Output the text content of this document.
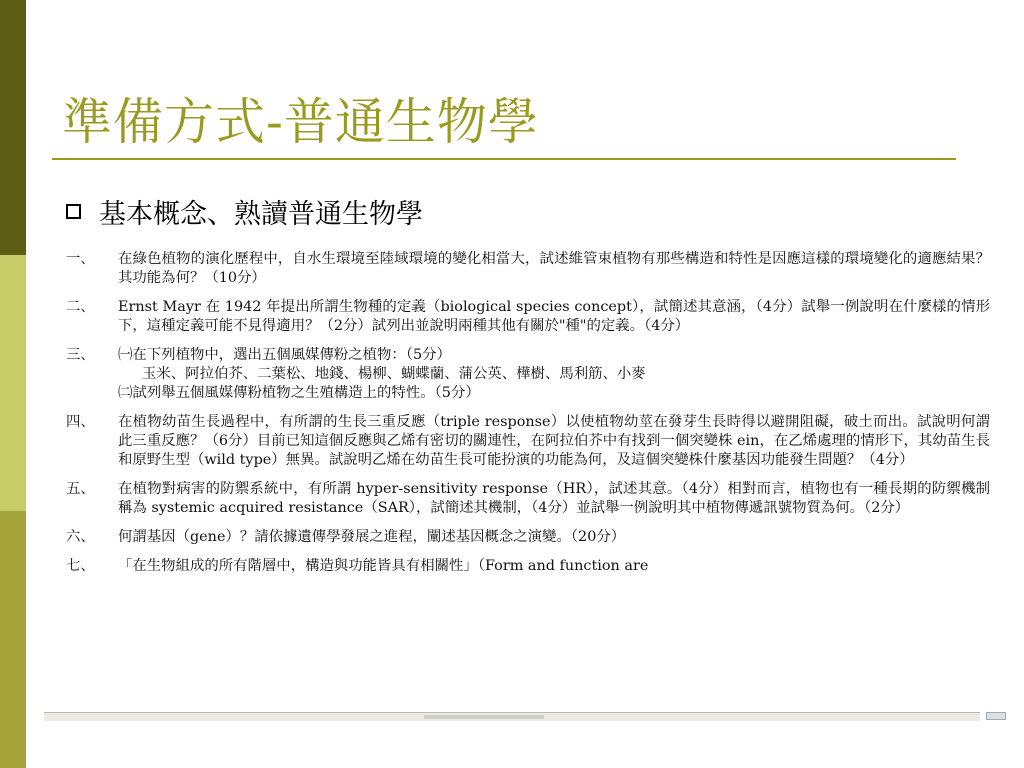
準備方式-普通生物學
基本概念、熟讀普通生物學
一、 在綠色植物的演化歷程中，自水生環境至陸域環境的變化相當大，試述維管束植物有那些構造和特性是因應這樣的環境變化的適應結果？其功能為何？（10分）
二、 Ernst Mayr 在 1942 年提出所謂生物種的定義（biological species concept），試簡述其意涵，（4分）試舉一例說明在什麼樣的情形下，這種定義可能不見得適用？（2分）試列出並說明兩種其他有關於"種"的定義。（4分）
三、 ㈠在下列植物中，選出五個風媒傳粉之植物：（5分）
玉米、阿拉伯芥、二葉松、地錢、楊柳、蝴蝶蘭、蒲公英、樺樹、馬利筋、小麥
㈡試列舉五個風媒傳粉植物之生殖構造上的特性。（5分）
四、 在植物幼苗生長過程中，有所謂的生長三重反應（triple response）以使植物幼莖在發芽生長時得以避開阻礙，破土而出。試說明何謂此三重反應？（6分）目前已知這個反應與乙烯有密切的關連性，在阿拉伯芥中有找到一個突變株 ein，在乙烯處理的情形下，其幼苗生長和原野生型（wild type）無異。試說明乙烯在幼苗生長可能扮演的功能為何，及這個突變株什麼基因功能發生問題？（4分）
五、 在植物對病害的防禦系統中，有所謂 hyper-sensitivity response（HR），試述其意。（4分）相對而言，植物也有一種長期的防禦機制稱為 systemic acquired resistance（SAR），試簡述其機制，（4分）並試舉一例說明其中植物傳遞訊號物質為何。（2分）
六、 何謂基因（gene）？請依據遺傳學發展之進程，闡述基因概念之演變。（20分）
七、 「在生物組成的所有階層中，構造與功能皆具有相關性」（Form and function are
